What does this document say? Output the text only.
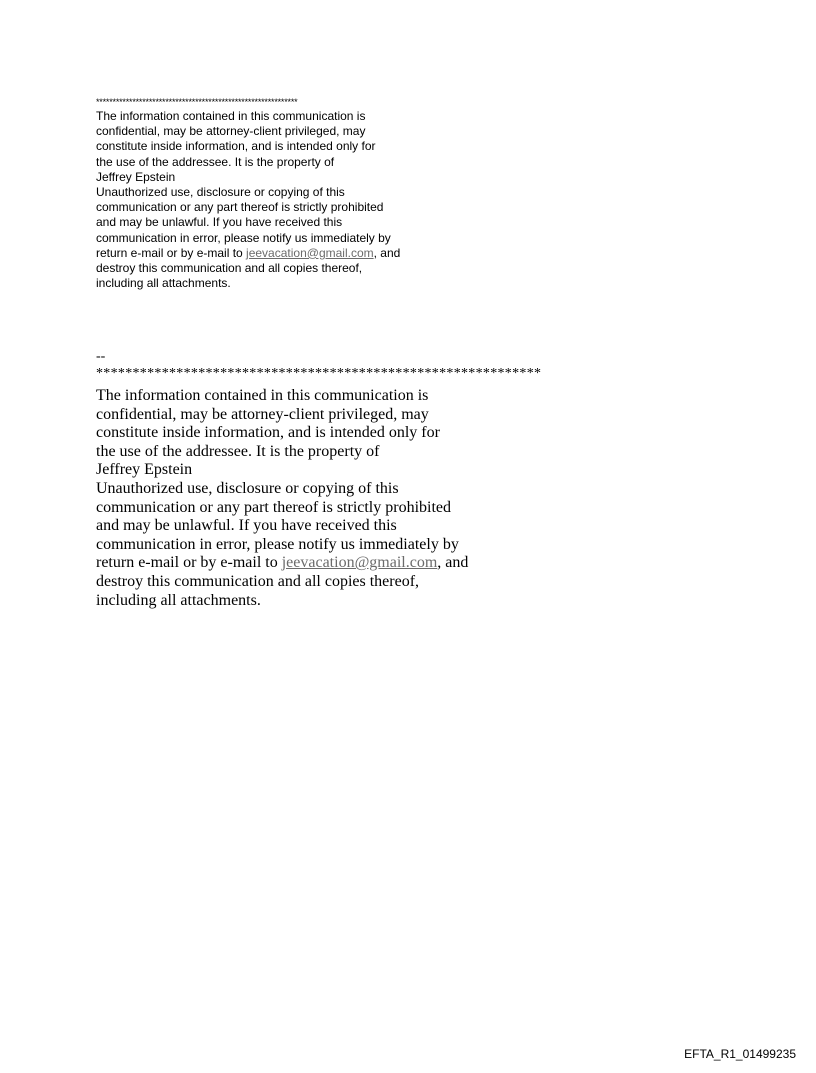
*************************************************************
The information contained in this communication is
confidential, may be attorney-client privileged, may
constitute inside information, and is intended only for
the use of the addressee. It is the property of
Jeffrey Epstein
Unauthorized use, disclosure or copying of this
communication or any part thereof is strictly prohibited
and may be unlawful. If you have received this
communication in error, please notify us immediately by
return e-mail or by e-mail to jeevacation@gmail.com, and
destroy this communication and all copies thereof,
including all attachments.
--
*************************************************************
The information contained in this communication is
confidential, may be attorney-client privileged, may
constitute inside information, and is intended only for
the use of the addressee. It is the property of
Jeffrey Epstein
Unauthorized use, disclosure or copying of this
communication or any part thereof is strictly prohibited
and may be unlawful. If you have received this
communication in error, please notify us immediately by
return e-mail or by e-mail to jeevacation@gmail.com, and
destroy this communication and all copies thereof,
including all attachments.
EFTA_R1_01499235
